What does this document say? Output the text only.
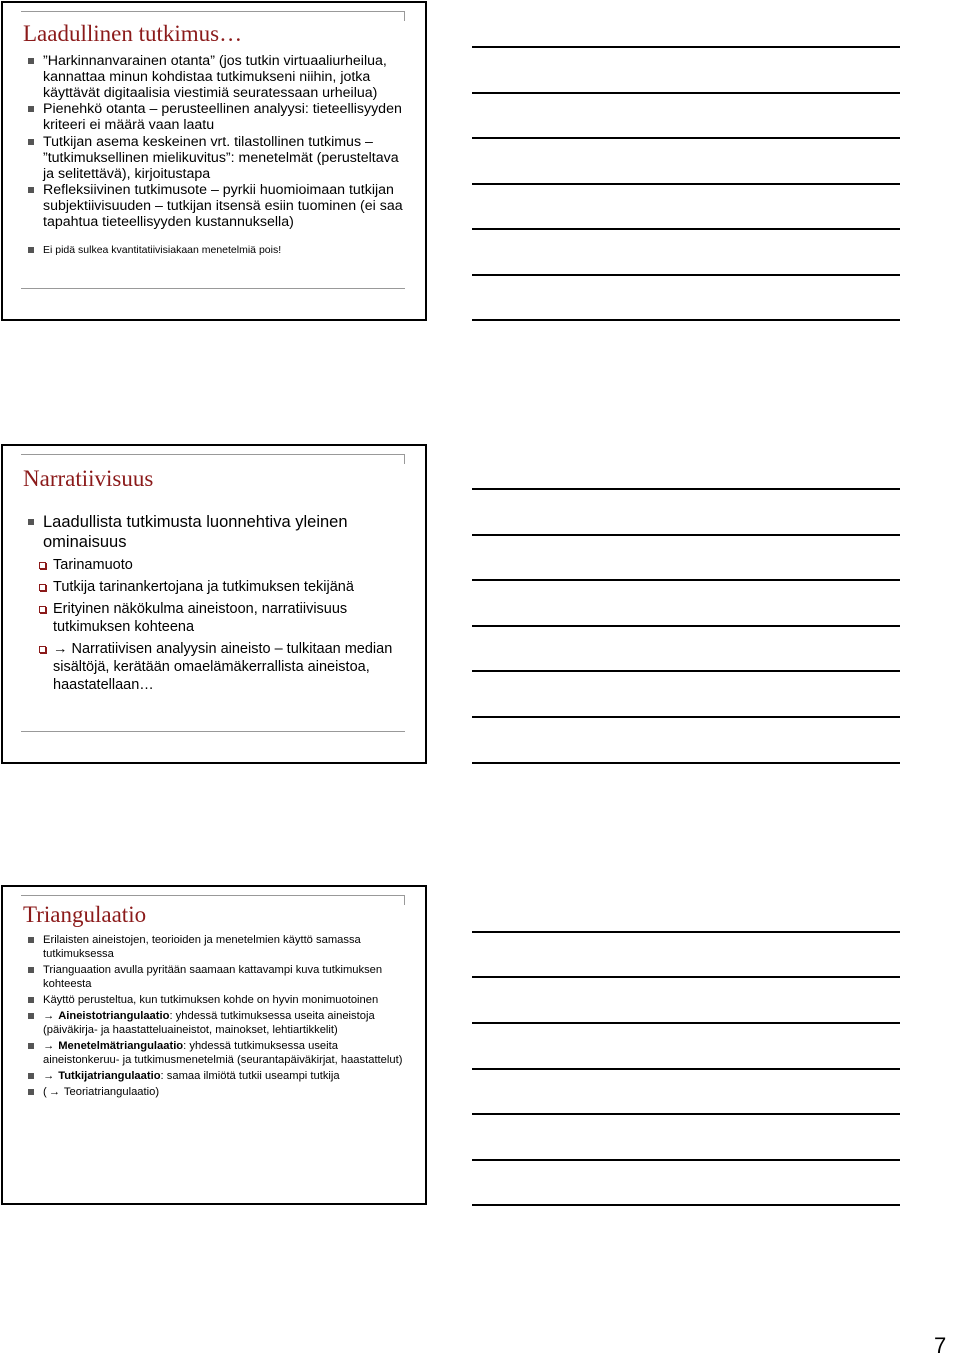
Laadullinen tutkimus…
”Harkinnanvarainen otanta” (jos tutkin virtuaaliurheilua, kannattaa minun kohdistaa tutkimukseni niihin, jotka käyttävät digitaalisia viestimiä seuratessaan urheilua)
Pienehkö otanta – perusteellinen analyysi: tieteellisyyden kriteeri ei määrä vaan laatu
Tutkijan asema keskeinen vrt. tilastollinen tutkimus – ”tutkimuksellinen mielikuvitus”: menetelmät (perusteltava ja selitettävä), kirjoitustapa
Refleksiivinen tutkimusote – pyrkii huomioimaan tutkijan subjektiivisuuden – tutkijan itsensä esiin tuominen (ei saa tapahtua tieteellisyyden kustannuksella)
Ei pidä sulkea kvantitatiivisiakaan menetelmiä pois!
Narratiivisuus
Laadullista tutkimusta luonnehtiva yleinen ominaisuus
Tarinamuoto
Tutkija tarinankertojana ja tutkimuksen tekijänä
Erityinen näkökulma aineistoon, narratiivisuus tutkimuksen kohteena
→ Narratiivisen analyysin aineisto – tulkitaan median sisältöjä, kerätään omaelämäkerrallista aineistoa, haastatellaan…
Triangulaatio
Erilaisten aineistojen, teorioiden ja menetelmien käyttö samassa tutkimuksessa
Trianguaation avulla pyritään saamaan kattavampi kuva tutkimuksen kohteesta
Käyttö perusteltua, kun tutkimuksen kohde on hyvin monimuotoinen
→ Aineistotriangulaatio: yhdessä tutkimuksessa useita aineistoja (päiväkirja- ja haastatteluaineistot, mainokset, lehtiartikkelit)
→ Menetelmätriangulaatio: yhdessä tutkimuksessa useita aineistonkeruu- ja tutkimusmenetelmiä (seurantapäiväkirjat, haastattelut)
→ Tutkijatriangulaatio: samaa ilmiötä tutkii useampi tutkija
( → Teoriatriangulaatio)
7
